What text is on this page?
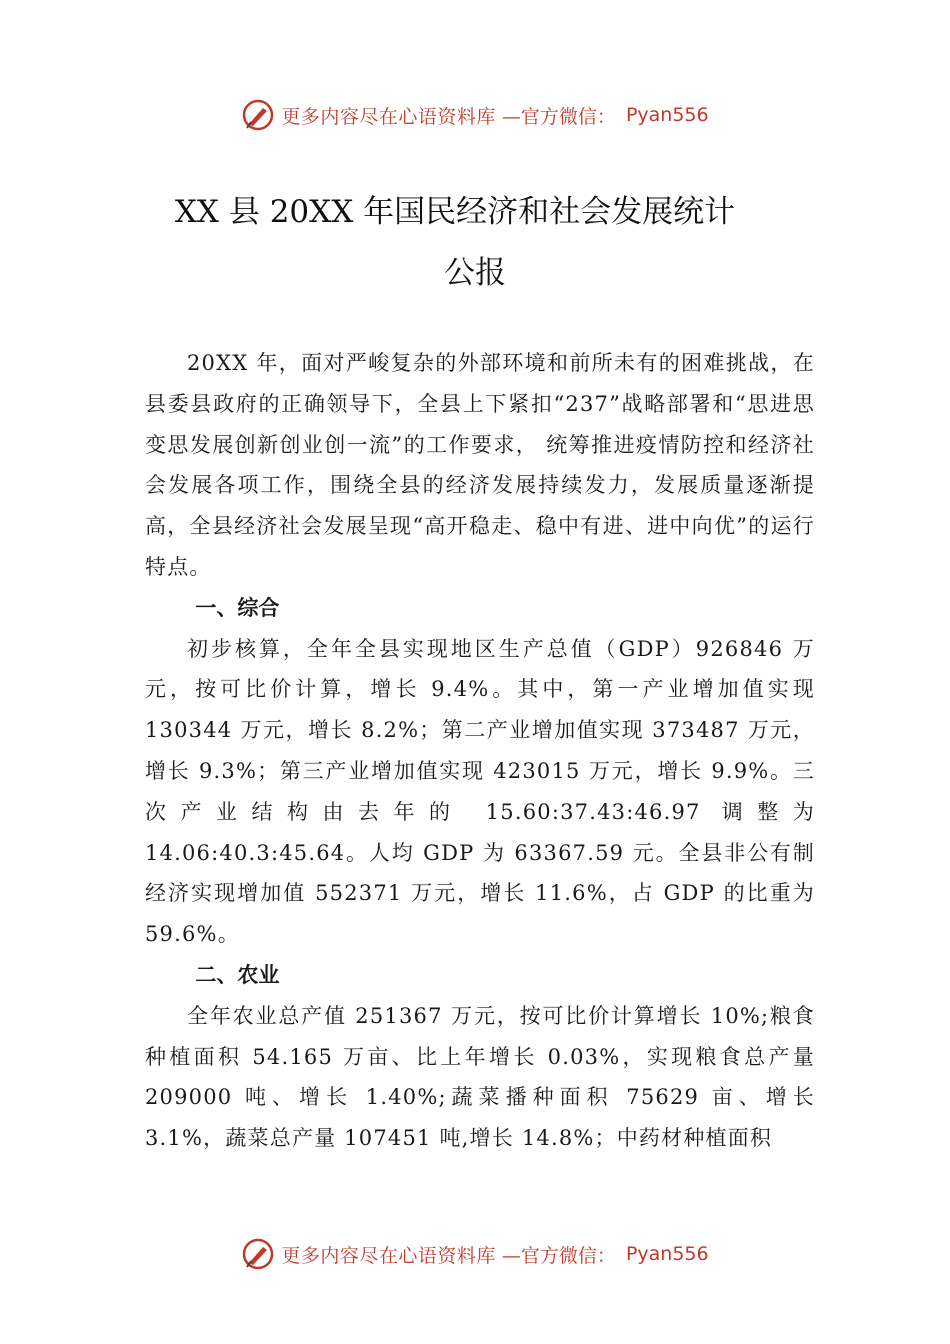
更多内容尽在心语资料库 —官方微信： Pyan556
XX 县 20XX 年国民经济和社会发展统计
公报

20XX 年，面对严峻复杂的外部环境和前所未有的困难挑战，在县委县政府的正确领导下，全县上下紧扣“237”战略部署和“思进思变思发展创新创业创一流”的工作要求， 统筹推进疫情防控和经济社会发展各项工作，围绕全县的经济发展持续发力，发展质量逐渐提高，全县经济社会发展呈现“高开稳走、稳中有进、进中向优”的运行特点。

一、综合

初步核算，全年全县实现地区生产总值（GDP）926846 万元，按可比价计算，增长 9.4%。其中，第一产业增加值实现 130344 万元，增长 8.2%；第二产业增加值实现 373487 万元，增长 9.3%；第三产业增加值实现 423015 万元，增长 9.9%。三次产业结构由去年的 15.60:37.43:46.97 调整为 14.06:40.3:45.64。人均 GDP 为 63367.59 元。全县非公有制经济实现增加值 552371 万元，增长 11.6%，占 GDP 的比重为 59.6%。

二、农业

全年农业总产值 251367 万元，按可比价计算增长 10%;粮食种植面积 54.165 万亩、比上年增长 0.03%，实现粮食总产量 209000 吨、增长 1.40%;蔬菜播种面积 75629 亩、增长 3.1%，蔬菜总产量 107451 吨,增长 14.8%；中药材种植面积

更多内容尽在心语资料库 —官方微信： Pyan556
